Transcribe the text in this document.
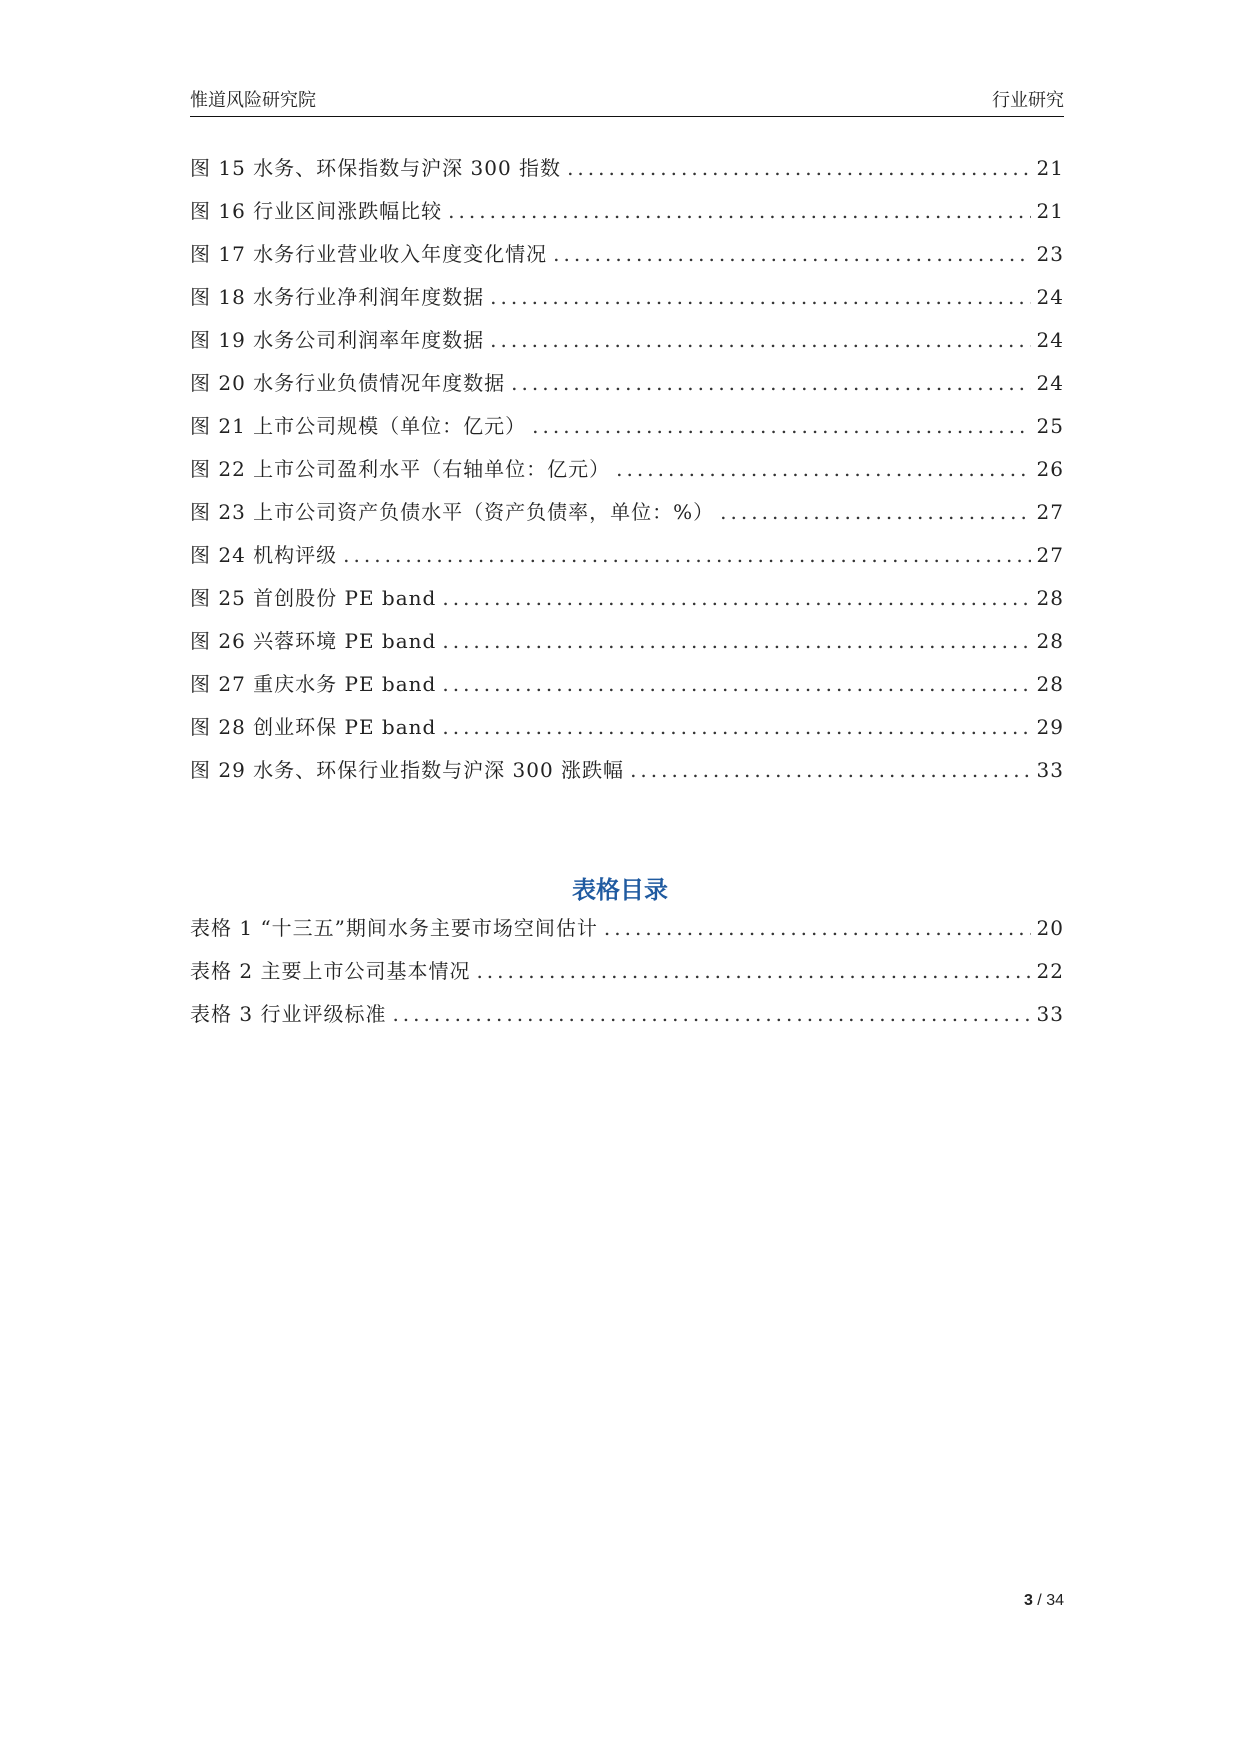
惟道风险研究院	行业研究
图 15 水务、环保指数与沪深 300 指数 .....	21
图 16 行业区间涨跌幅比较 .....	21
图 17 水务行业营业收入年度变化情况 .....	23
图 18 水务行业净利润年度数据 .....	24
图 19 水务公司利润率年度数据 .....	24
图 20 水务行业负债情况年度数据 .....	24
图 21 上市公司规模（单位：亿元） .....	25
图 22 上市公司盈利水平（右轴单位：亿元） .....	26
图 23 上市公司资产负债水平（资产负债率，单位：%） .....	27
图 24 机构评级 .....	27
图 25 首创股份 PE band .....	28
图 26 兴蓉环境 PE band .....	28
图 27 重庆水务 PE band .....	28
图 28 创业环保 PE band .....	29
图 29 水务、环保行业指数与沪深 300 涨跌幅 .....	33
表格目录
表格 1 “十三五”期间水务主要市场空间估计 .....	20
表格 2 主要上市公司基本情况 .....	22
表格 3 行业评级标准 .....	33
3 / 34
